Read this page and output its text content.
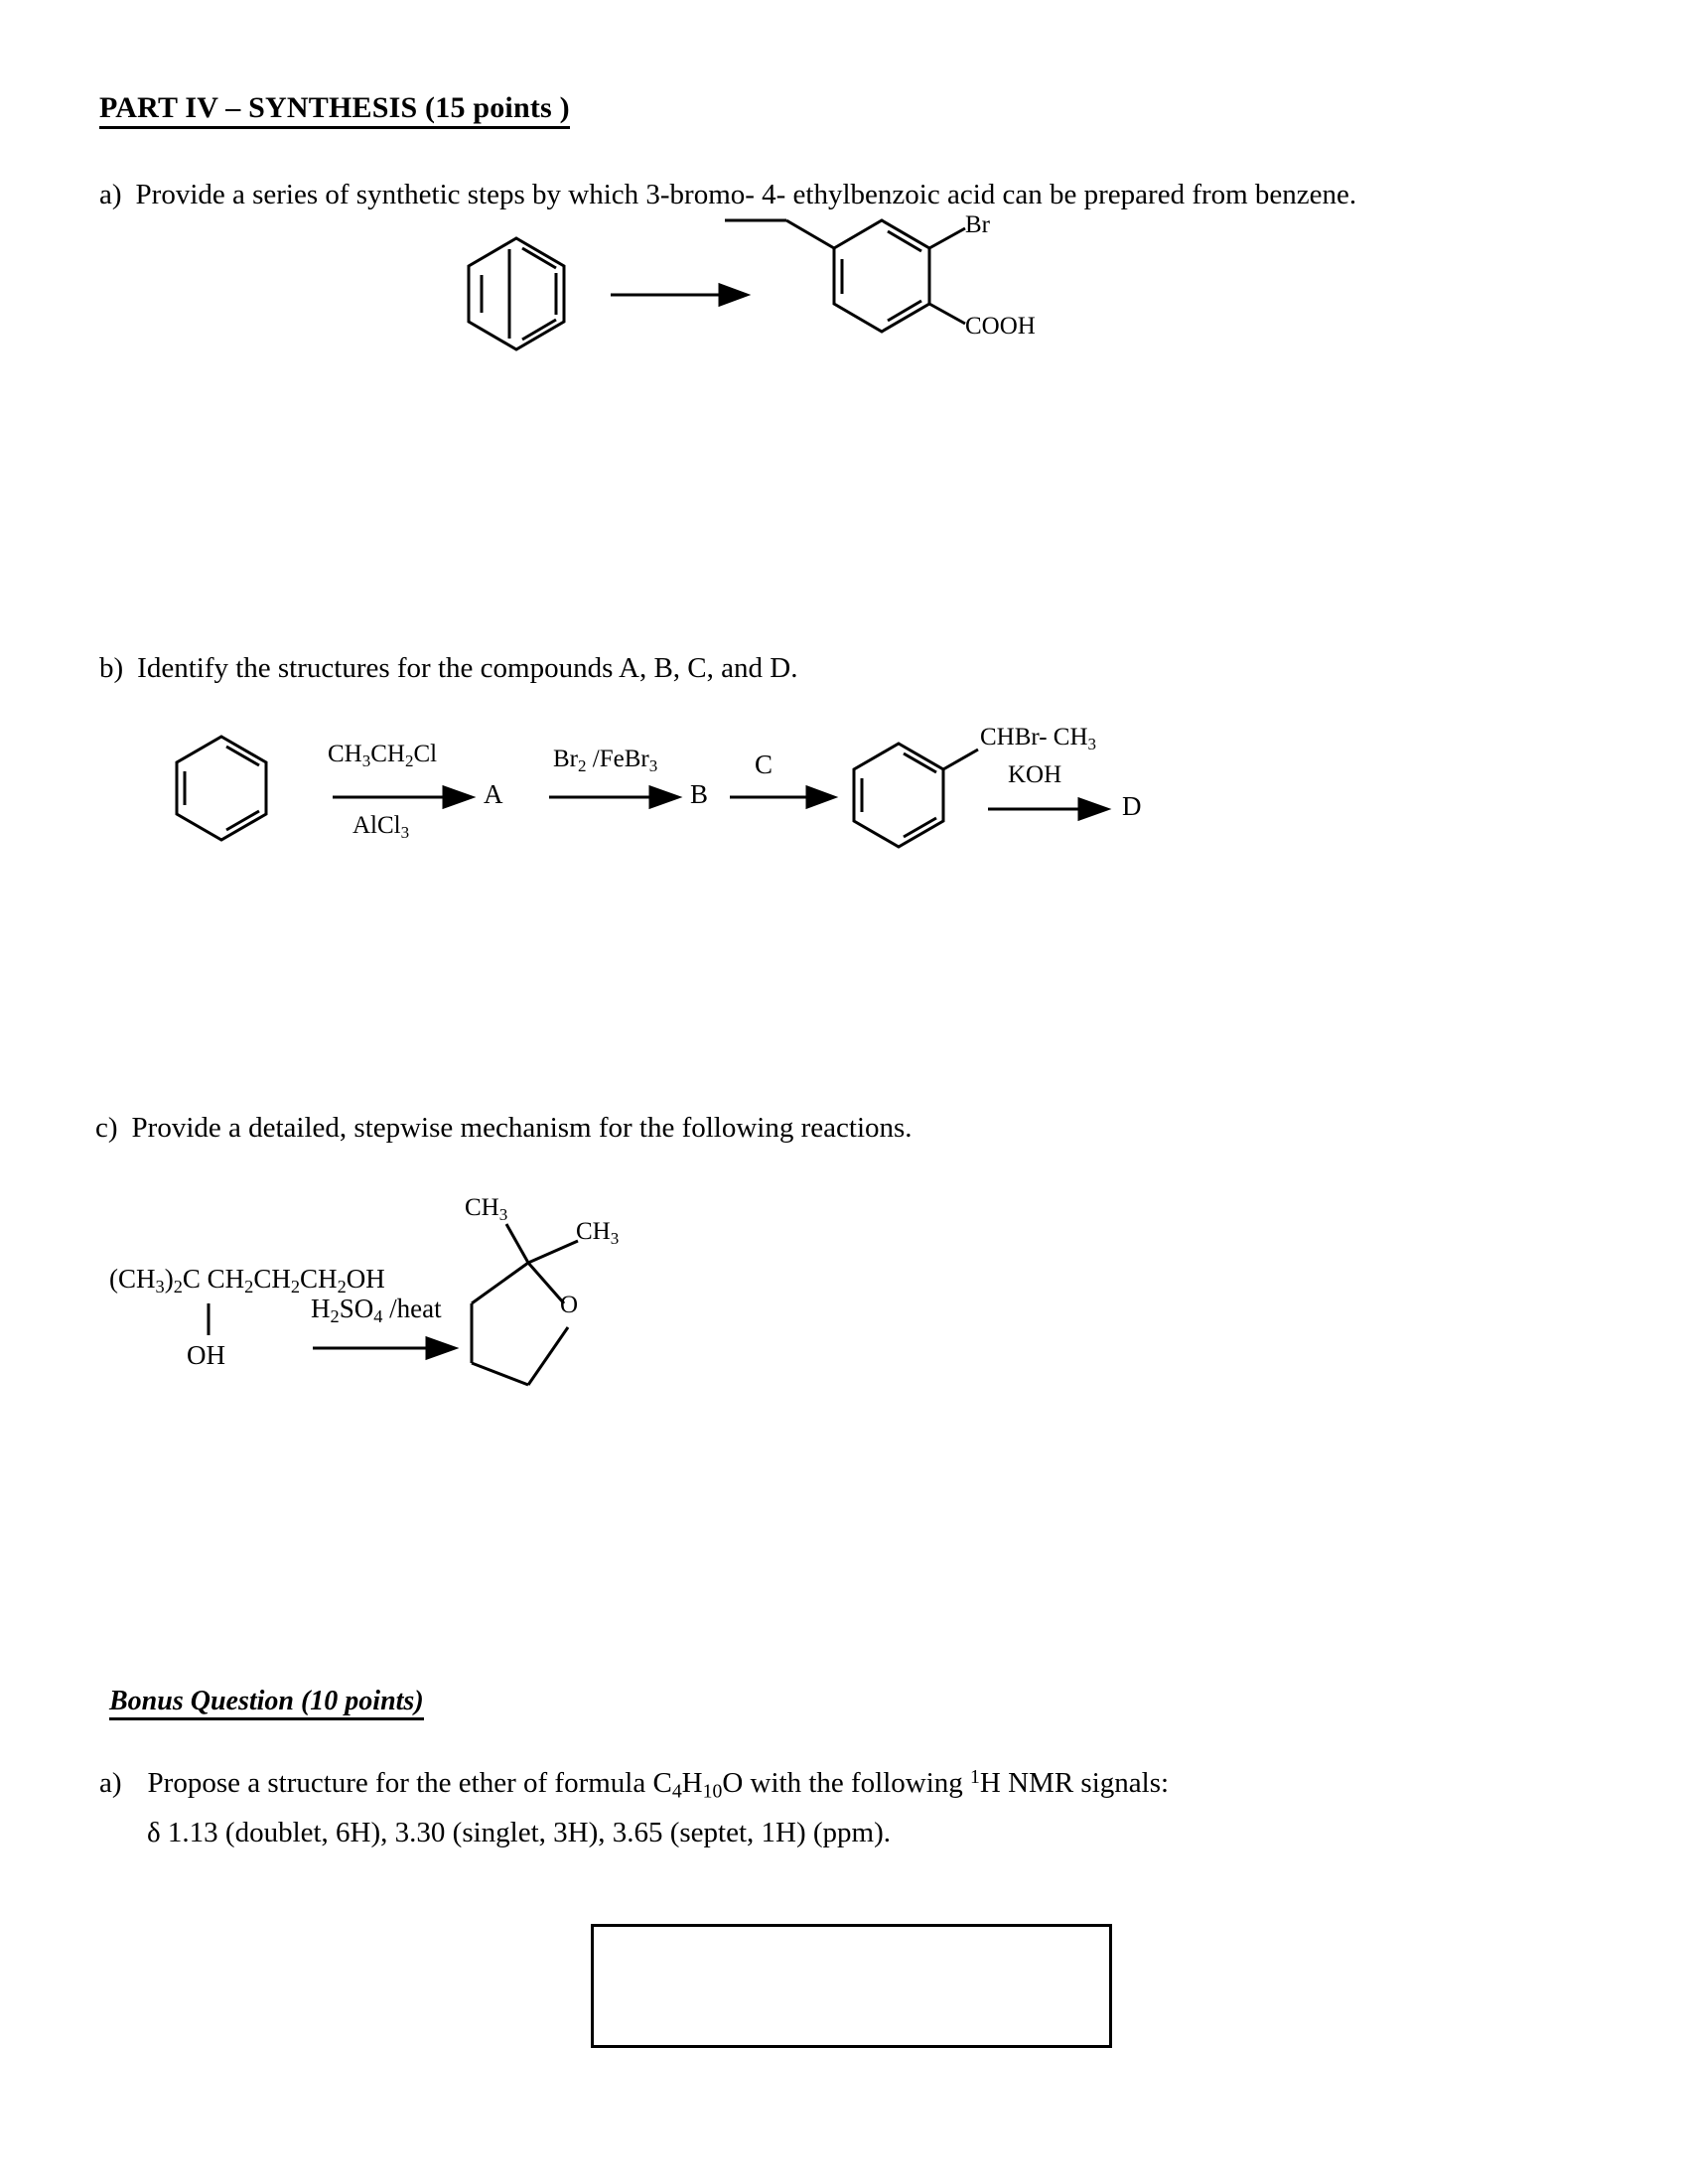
PART IV – SYNTHESIS (15 points )
a) Provide a series of synthetic steps by which 3-bromo- 4- ethylbenzoic acid can be prepared from benzene.
Br
COOH
b) Identify the structures for the compounds A, B, C, and D.
$CH_3CH_2Cl$
AlCl$_3$
A
$Br_2$ /FeBr$_3$
B
C
CHBr- $CH_3$
KOH
D
c) Provide a detailed, stepwise mechanism for the following reactions.
$(CH_3)_2C$ $CH_2CH_2CH_2OH$
OH
$H_2SO_4$ /heat
$CH_3$
$CH_3$
O
Bonus Question (10 points)
a) Propose a structure for the ether of formula $C_4H_{10}O$ with the following $^1$H NMR signals:
δ 1.13 (doublet, 6H), 3.30 (singlet, 3H), 3.65 (septet, 1H) (ppm).
